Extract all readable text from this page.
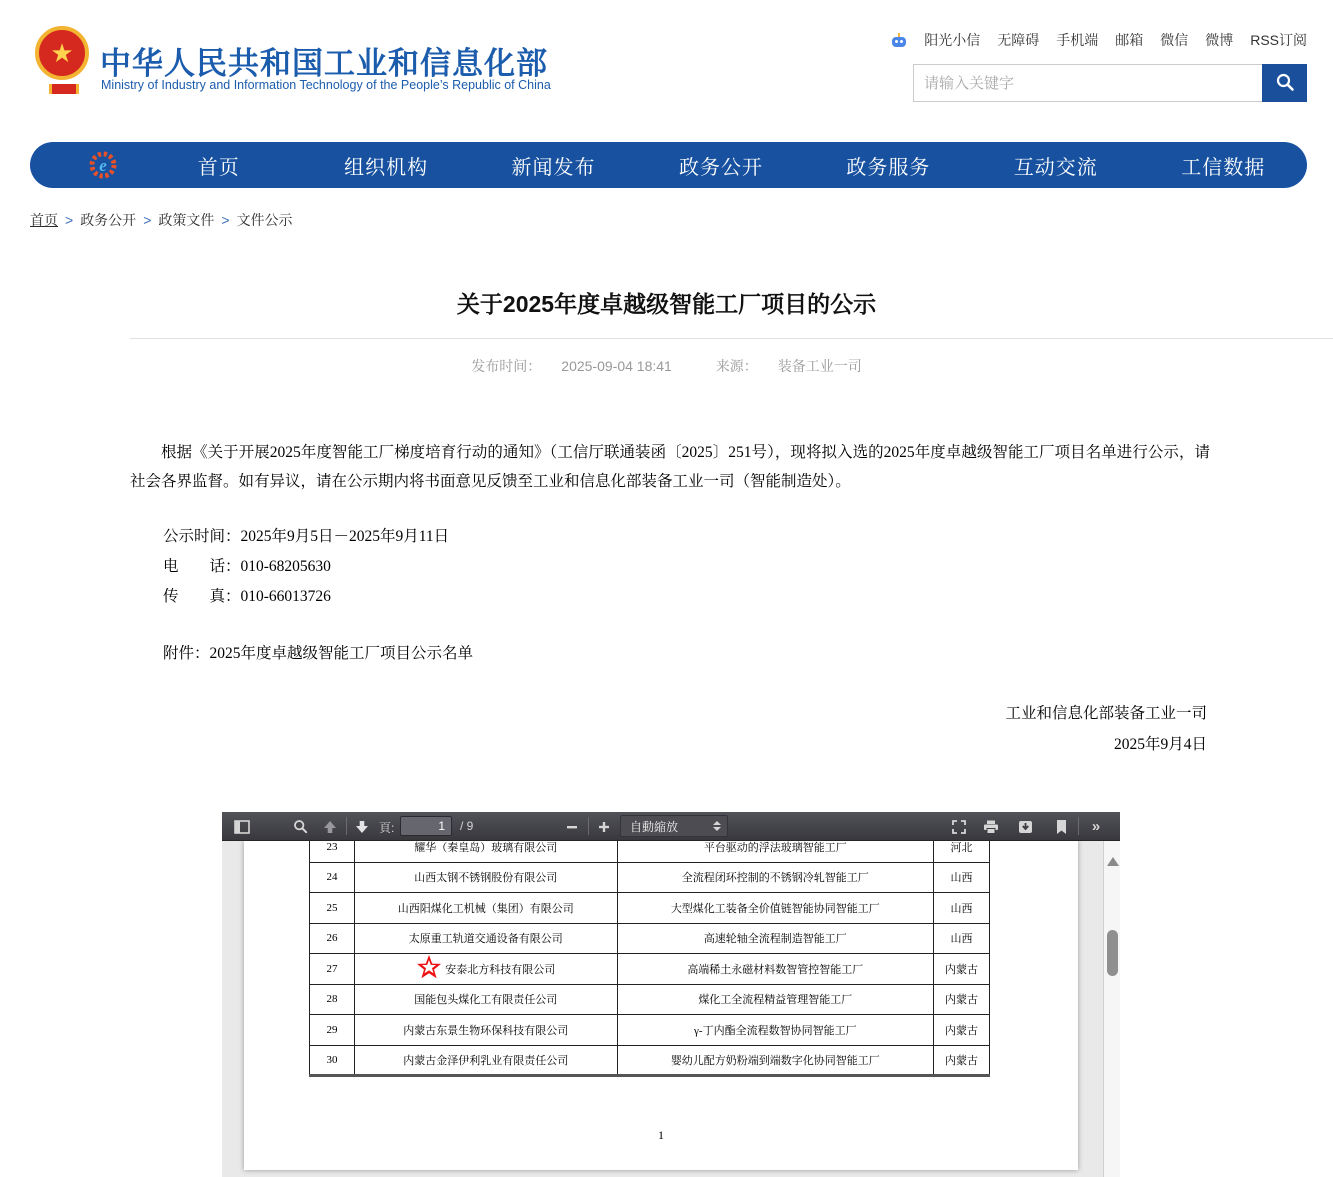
★ 中华人民共和国工业和信息化部
Ministry of Industry and Information Technology of the People’s Republic of China
阳光小信 无障碍 手机端 邮箱 微信 微博 RSS订阅
请输入关键字
e	首页	组织机构	新闻发布	政务公开	政务服务	互动交流	工信数据
首页 > 政务公开 > 政策文件 > 文件公示
关于2025年度卓越级智能工厂项目的公示
发布时间： 2025-09-04 18:41	来源： 装备工业一司
根据《关于开展2025年度智能工厂梯度培育行动的通知》（工信厅联通装函〔2025〕251号），现将拟入选的2025年度卓越级智能工厂项目名单进行公示，请社会各界监督。如有异议，请在公示期内将书面意见反馈至工业和信息化部装备工业一司（智能制造处）。
公示时间：2025年9月5日－2025年9月11日
电　　话：010-68205630
传　　真：010-66013726
附件：2025年度卓越级智能工厂项目公示名单
工业和信息化部装备工业一司
2025年9月4日
頁:
1	/ 9	自動縮放	»
23	耀华（秦皇岛）玻璃有限公司	平台驱动的浮法玻璃智能工厂	河北
24	山西太钢不锈钢股份有限公司	全流程闭环控制的不锈钢冷轧智能工厂	山西
25	山西阳煤化工机械（集团）有限公司	大型煤化工装备全价值链智能协同智能工厂	山西
26	太原重工轨道交通设备有限公司	高速轮轴全流程制造智能工厂	山西
27	安泰北方科技有限公司	高端稀土永磁材料数智管控智能工厂	内蒙古
28	国能包头煤化工有限责任公司	煤化工全流程精益管理智能工厂	内蒙古
29	内蒙古东景生物环保科技有限公司	γ-丁内酯全流程数智协同智能工厂	内蒙古
30	内蒙古金泽伊利乳业有限责任公司	婴幼儿配方奶粉端到端数字化协同智能工厂	内蒙古
1
